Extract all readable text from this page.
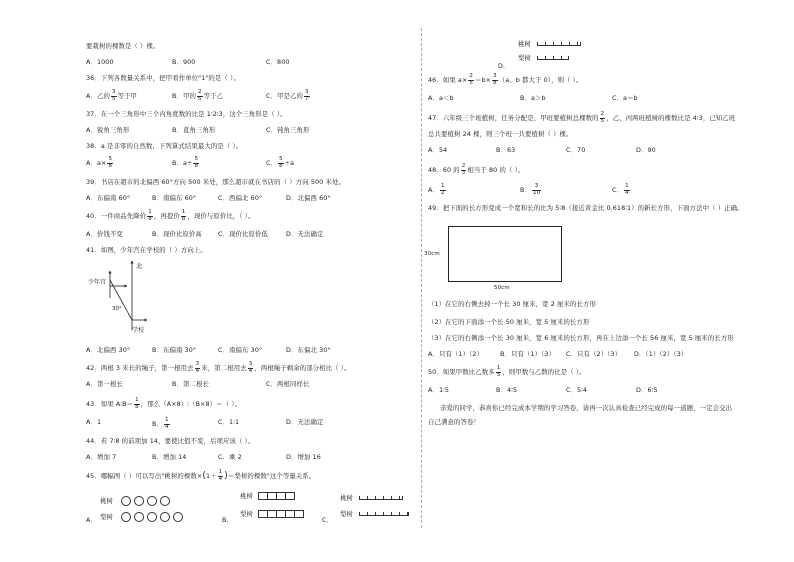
要栽树的棵数是（ ）棵。
A．1000	B．900	C．800
36．下列各数量关系中，把甲看作单位"1"的是（ ）。
A．乙的 $\frac{3}{5}$ 等于甲	B．甲的 $\frac{2}{5}$ 等于乙	C．甲是乙的 $\frac{3}{7}$
37．在一个三角形中三个内角度数的比是 1∶2∶3，这个三角形是（ ）。
A．锐角三角形	B．直角三角形	C．钝角三角形
38．a 是非零的自然数，下列算式结果最大的是（ ）。
A．$a\times \frac{5}{8}$	B．$a\div \frac{5}{8}$	C． $\frac{5}{8} \div a$
39．书店在超市的北偏西 60°方向 500 米处，那么超市就在书店的（ ）方向 500 米处。
A．东偏南 60°	B．南偏东 60°	C．西偏北 60°	D．北偏西 60°
40．一件商品先降价 $\frac{1}{8}$ ，再提价 $\frac{1}{8}$ ，现价与原价比，（ ）。
A．价钱不变	B．现价比原价高	C．现价比原价低	D．无法确定
41．如图，少年宫在学校的（ ）方向上。
北
少年宫
30°
学校
A．北偏西 30°	B．东偏南 30°	C．南偏东 30°	D．东偏北 30°
42．两根 3 米长的绳子，第一根用去 $\frac{3}{4}$ 米，第二根用去 $\frac{3}{4}$ ，两根绳子剩余的部分相比（ ）。
A．第一根长	B．第二根长	C．两根同样长
43．如果 A∶B＝ $\frac{1}{8}$ ，那么（A×8）∶（B×8）＝（ ）。
A．1	B． $\frac{1}{4}$	C．1∶1	D．无法确定
44．若 7∶8 的前项加 14，要使比值不变，后项应该（ ）。
A．增加 7	B．增加 14	C．乘 2	D．增加 16
45．哪幅图（ ）可以写出"桃树的棵数$\times(1+ \frac{1}{4}$ )＝梨树的棵数"这个等量关系。
A．
桃树
梨树	B．
桃树
梨树
C．
桃树
梨树
桃树
梨树
D．
46．如果 $a\times \frac{2}{5} =b\times \frac{3}{8} (a$、b 都大于 0），则（ ）。
A．a＜b	B．a＞b	C．a＝b
47．六年级三个班植树，任务分配是，甲班要植树总棵数的 $\frac{2}{5}$ ，乙、丙两班植树的棵数比是 4∶3，已知乙班
总共要植树 24 棵，则三个班一共要植树（ ）棵。
A．54	B．63	C．70	D．90
48．60 的 $\frac{2}{3}$ 相当于 80 的（ ）。
A． $\frac{1}{2}$	B． $\frac{3}{10}$	C． $\frac{1}{4}$
49．把下面的长方形变成一个宽和长的比为 5∶8（接近黄金比 0.618∶1）的新长方形，下面方法中（ ）正确。
30cm
50cm
（1）在它的右侧去掉一个长 30 厘米，宽 2 厘米的长方形
（2）在它的下面添一个长 50 厘米，宽 5 厘米的长方形
（3）在它的右侧添一个长 30 厘米，宽 6 厘米的长方形，再在上边添一个长 56 厘米，宽 5 厘米的长方形
A．只有（1）（2）	B．只有（1）（3） C．只有（2）（3） D．（1）（2）（3）
50．如果甲数比乙数多 $\frac{1}{5}$ ，则甲数与乙数的比是（ ）。
A．1∶5	B．4∶5	C．5∶4	D．6∶5
亲爱的同学，恭喜你已经完成本学期的学习答卷，请再一次认真检查已经完成的每一道题，一定会交出
自己满意的答卷！
